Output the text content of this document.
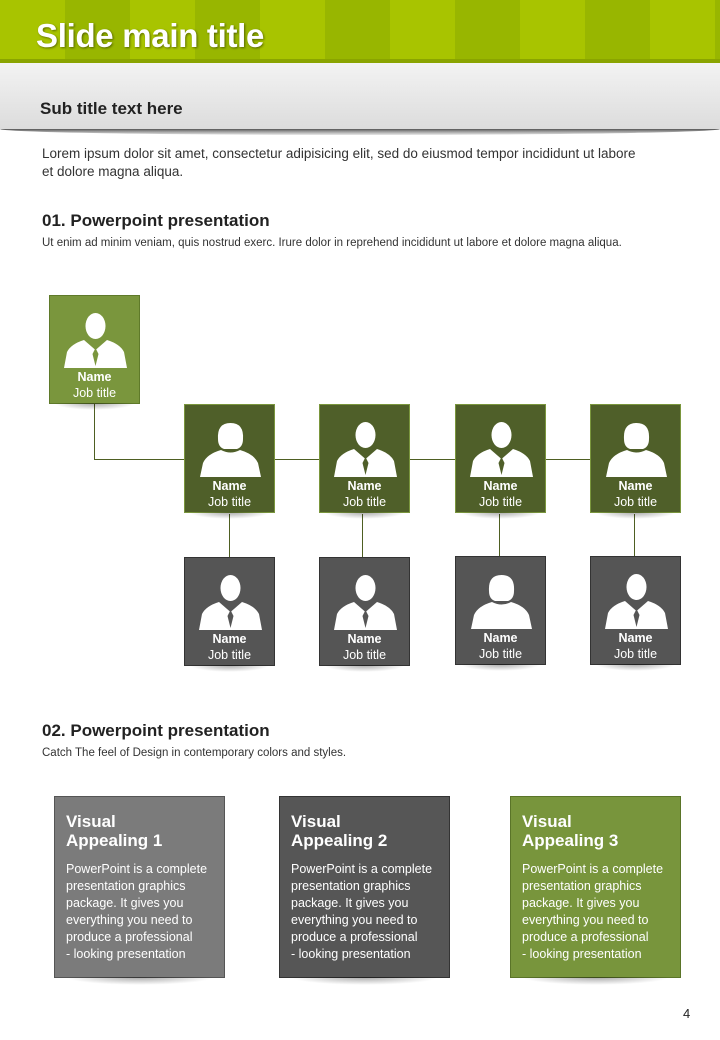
Slide main title
Sub title text here

Lorem ipsum dolor sit amet, consectetur adipisicing elit, sed do eiusmod tempor incididunt ut labore et dolore magna aliqua.

01. Powerpoint presentation

Ut enim ad minim veniam, quis nostrud exerc. Irure dolor in reprehend incididunt ut labore et dolore magna aliqua.

Name
Job title
Name
Job title
Name
Job title
Name
Job title
Name
Job title
Name
Job title
Name
Job title
Name
Job title
Name
Job title
02. Powerpoint presentation

Catch The feel of Design in contemporary colors and styles.

Visual
Appealing 1

PowerPoint is a complete
presentation graphics
package. It gives you
everything you need to
produce a professional
- looking presentation

Visual
Appealing 2

PowerPoint is a complete
presentation graphics
package. It gives you
everything you need to
produce a professional
- looking presentation

Visual
Appealing 3

PowerPoint is a complete
presentation graphics
package. It gives you
everything you need to
produce a professional
- looking presentation

4
